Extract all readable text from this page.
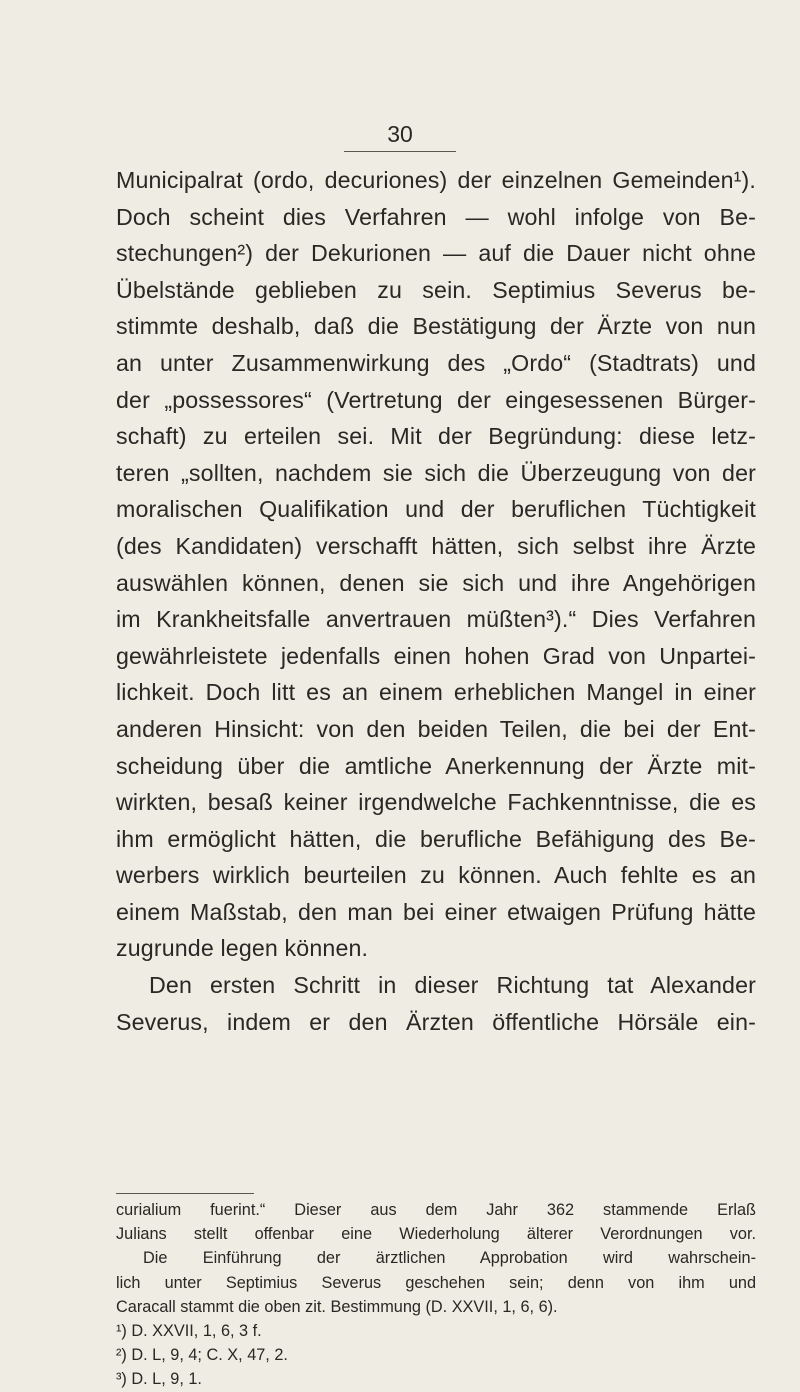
30
Municipalrat (ordo, decuriones) der einzelnen Gemeinden¹).
Doch scheint dies Verfahren — wohl infolge von Be-
stechungen²) der Dekurionen — auf die Dauer nicht ohne
Übelstände geblieben zu sein. Septimius Severus be-
stimmte deshalb, daß die Bestätigung der Ärzte von nun
an unter Zusammenwirkung des „Ordo“ (Stadtrats) und
der „possessores“ (Vertretung der eingesessenen Bürger-
schaft) zu erteilen sei. Mit der Begründung: diese letz-
teren „sollten, nachdem sie sich die Überzeugung von der
moralischen Qualifikation und der beruflichen Tüchtigkeit
(des Kandidaten) verschafft hätten, sich selbst ihre Ärzte
auswählen können, denen sie sich und ihre Angehörigen
im Krankheitsfalle anvertrauen müßten³).“ Dies Verfahren
gewährleistete jedenfalls einen hohen Grad von Unpartei-
lichkeit. Doch litt es an einem erheblichen Mangel in einer
anderen Hinsicht: von den beiden Teilen, die bei der Ent-
scheidung über die amtliche Anerkennung der Ärzte mit-
wirkten, besaß keiner irgendwelche Fachkenntnisse, die es
ihm ermöglicht hätten, die berufliche Befähigung des Be-
werbers wirklich beurteilen zu können. Auch fehlte es an
einem Maßstab, den man bei einer etwaigen Prüfung hätte
zugrunde legen können.
Den ersten Schritt in dieser Richtung tat Alexander
Severus, indem er den Ärzten öffentliche Hörsäle ein-
curialium fuerint.“ Dieser aus dem Jahr 362 stammende Erlaß
Julians stellt offenbar eine Wiederholung älterer Verordnungen vor.
Die Einführung der ärztlichen Approbation wird wahrschein-
lich unter Septimius Severus geschehen sein; denn von ihm und
Caracall stammt die oben zit. Bestimmung (D. XXVII, 1, 6, 6).
¹) D. XXVII, 1, 6, 3 f.
²) D. L, 9, 4; C. X, 47, 2.
³) D. L, 9, 1.
